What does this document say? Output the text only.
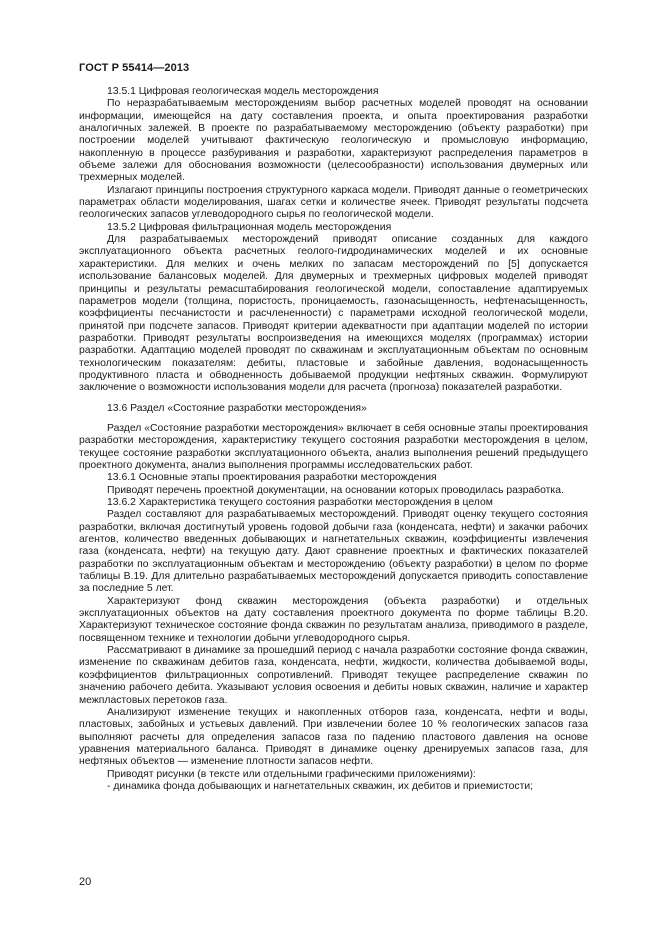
ГОСТ Р 55414—2013

13.5.1 Цифровая геологическая модель месторождения

По неразрабатываемым месторождениям выбор расчетных моделей проводят на основании информации, имеющейся на дату составления проекта, и опыта проектирования разработки аналогичных залежей. В проекте по разрабатываемому месторождению (объекту разработки) при построении моделей учитывают фактическую геологическую и промысловую информацию, накопленную в процессе разбуривания и разработки, характеризуют распределения параметров в объеме залежи для обоснования возможности (целесообразности) использования двумерных или трехмерных моделей.

Излагают принципы построения структурного каркаса модели. Приводят данные о геометрических параметрах области моделирования, шагах сетки и количестве ячеек. Приводят результаты подсчета геологических запасов углеводородного сырья по геологической модели.

13.5.2 Цифровая фильтрационная модель месторождения

Для разрабатываемых месторождений приводят описание созданных для каждого эксплуатационного объекта расчетных геолого-гидродинамических моделей и их основные характеристики. Для мелких и очень мелких по запасам месторождений по [5] допускается использование балансовых моделей. Для двумерных и трехмерных цифровых моделей приводят принципы и результаты ремасштабирования геологической модели, сопоставление адаптируемых параметров модели (толщина, пористость, проницаемость, газонасыщенность, нефтенасыщенность, коэффициенты песчанистости и расчлененности) с параметрами исходной геологической модели, принятой при подсчете запасов. Приводят критерии адекватности при адаптации моделей по истории разработки. Приводят результаты воспроизведения на имеющихся моделях (программах) истории разработки. Адаптацию моделей проводят по скважинам и эксплуатационным объектам по основным технологическим показателям: дебиты, пластовые и забойные давления, водонасыщенность продуктивного пласта и обводненность добываемой продукции нефтяных скважин. Формулируют заключение о возможности использования модели для расчета (прогноза) показателей разработки.

13.6 Раздел «Состояние разработки месторождения»

Раздел «Состояние разработки месторождения» включает в себя основные этапы проектирования разработки месторождения, характеристику текущего состояния разработки месторождения в целом, текущее состояние разработки эксплуатационного объекта, анализ выполнения решений предыдущего проектного документа, анализ выполнения программы исследовательских работ.

13.6.1 Основные этапы проектирования разработки месторождения

Приводят перечень проектной документации, на основании которых проводилась разработка.

13.6.2 Характеристика текущего состояния разработки месторождения в целом

Раздел составляют для разрабатываемых месторождений. Приводят оценку текущего состояния разработки, включая достигнутый уровень годовой добычи газа (конденсата, нефти) и закачки рабочих агентов, количество введенных добывающих и нагнетательных скважин, коэффициенты извлечения газа (конденсата, нефти) на текущую дату. Дают сравнение проектных и фактических показателей разработки по эксплуатационным объектам и месторождению (объекту разработки) в целом по форме таблицы В.19. Для длительно разрабатываемых месторождений допускается приводить сопоставление за последние 5 лет.

Характеризуют фонд скважин месторождения (объекта разработки) и отдельных эксплуатационных объектов на дату составления проектного документа по форме таблицы В.20. Характеризуют техническое состояние фонда скважин по результатам анализа, приводимого в разделе, посвященном технике и технологии добычи углеводородного сырья.

Рассматривают в динамике за прошедший период с начала разработки состояние фонда скважин, изменение по скважинам дебитов газа, конденсата, нефти, жидкости, количества добываемой воды, коэффициентов фильтрационных сопротивлений. Приводят текущее распределение скважин по значению рабочего дебита. Указывают условия освоения и дебиты новых скважин, наличие и характер межпластовых перетоков газа.

Анализируют изменение текущих и накопленных отборов газа, конденсата, нефти и воды, пластовых, забойных и устьевых давлений. При извлечении более 10 % геологических запасов газа выполняют расчеты для определения запасов газа по падению пластового давления на основе уравнения материального баланса. Приводят в динамике оценку дренируемых запасов газа, для нефтяных объектов — изменение плотности запасов нефти.

Приводят рисунки (в тексте или отдельными графическими приложениями):

- динамика фонда добывающих и нагнетательных скважин, их дебитов и приемистости;

20
